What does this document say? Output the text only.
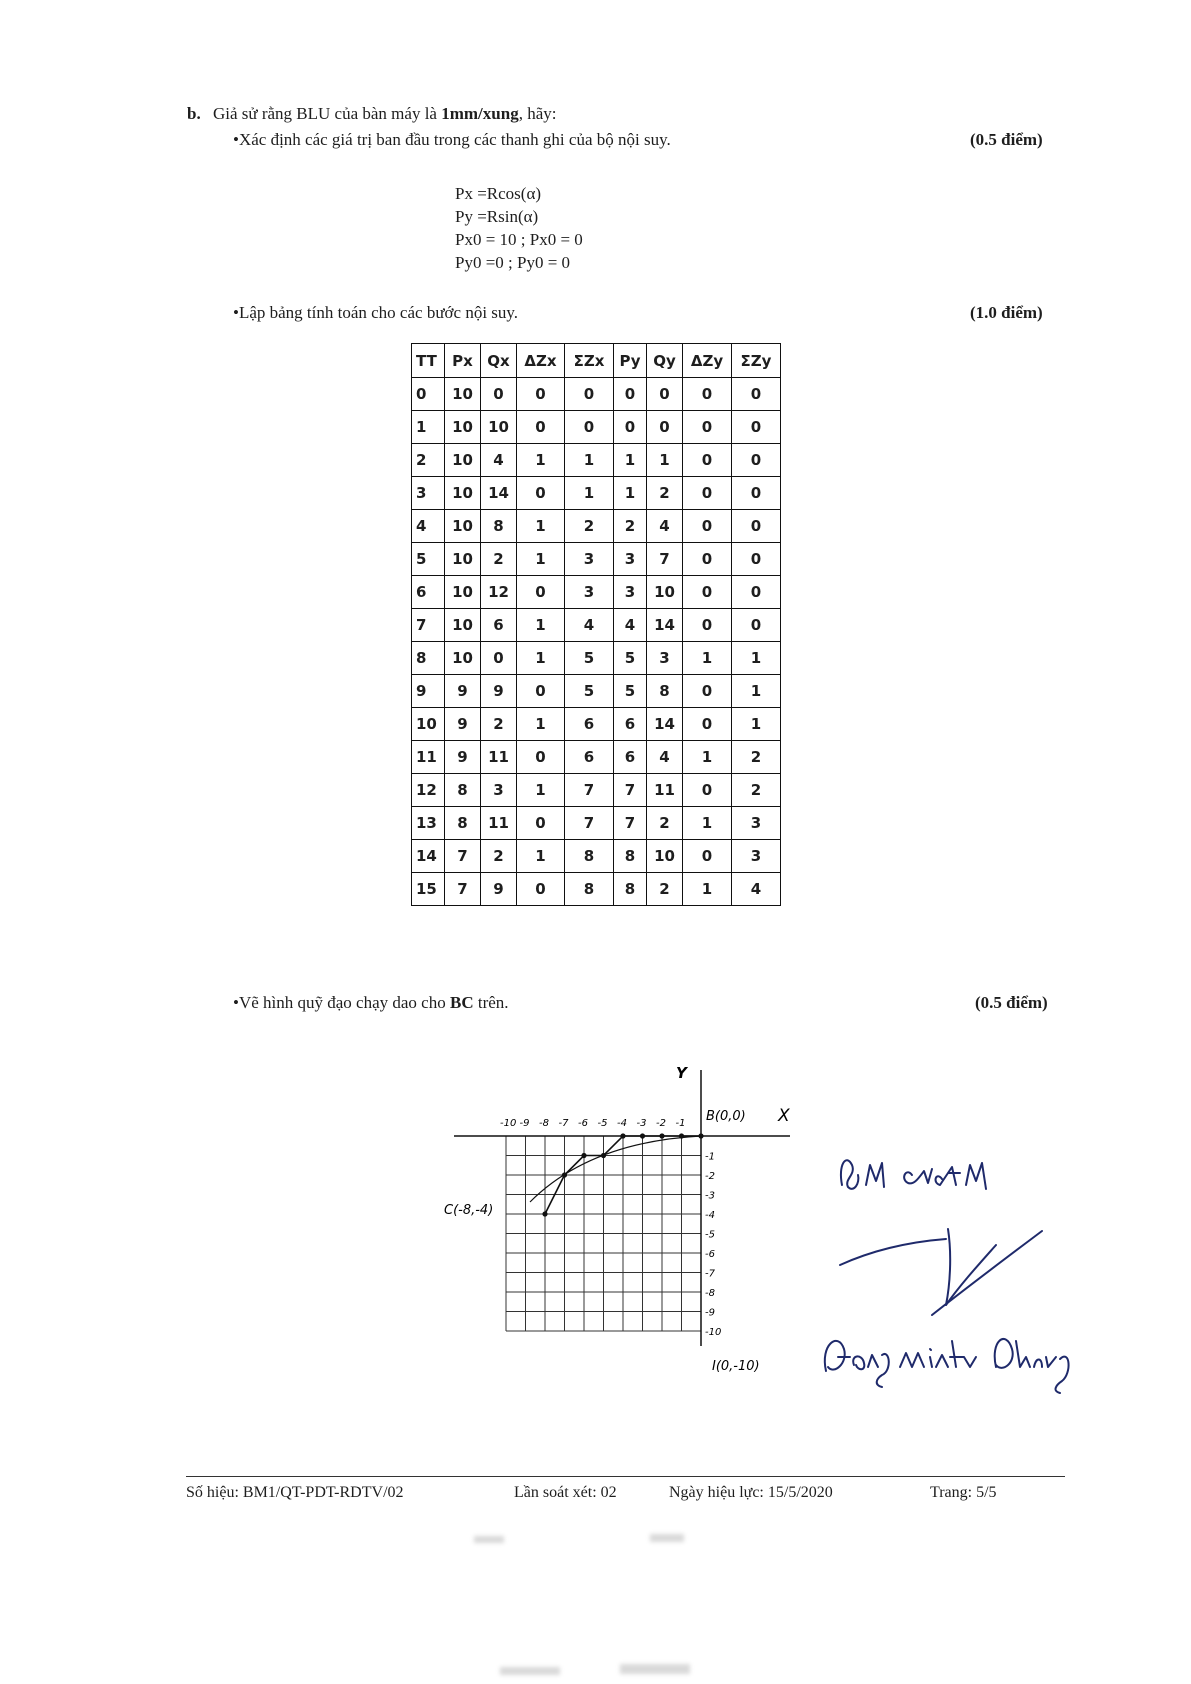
b. Giả sử rằng BLU của bàn máy là 1mm/xung, hãy:
•Xác định các giá trị ban đầu trong các thanh ghi của bộ nội suy.	(0.5 điểm)
Px =Rcos(α)
Py =Rsin(α)
Px0 = 10 ; Px0 = 0
Py0 =0 ; Py0 = 0
•Lập bảng tính toán cho các bước nội suy.	(1.0 điểm)
TT	Px	Qx	ΔZx	ΣZx	Py	Qy	ΔZy	ΣZy
0	10	0	0	0	0	0	0	0
1	10	10	0	0	0	0	0	0
2	10	4	1	1	1	1	0	0
3	10	14	0	1	1	2	0	0
4	10	8	1	2	2	4	0	0
5	10	2	1	3	3	7	0	0
6	10	12	0	3	3	10	0	0
7	10	6	1	4	4	14	0	0
8	10	0	1	5	5	3	1	1
9	9	9	0	5	5	8	0	1
10	9	2	1	6	6	14	0	1
11	9	11	0	6	6	4	1	2
12	8	3	1	7	7	11	0	2
13	8	11	0	7	7	2	1	3
14	7	2	1	8	8	10	0	3
15	7	9	0	8	8	2	1	4
•Vẽ hình quỹ đạo chạy dao cho BC trên.	(0.5 điểm)
Y
X
-10 -9 -8 -7 -6 -5 -4 -3 -2 -1
-1
-2
-3
-4
-5
-6
-7
-8
-9
-10
B(0,0)
C(-8,-4)
I(0,-10)
Số hiệu: BM1/QT-PDT-RDTV/02	Lần soát xét: 02	Ngày hiệu lực: 15/5/2020	Trang: 5/5
